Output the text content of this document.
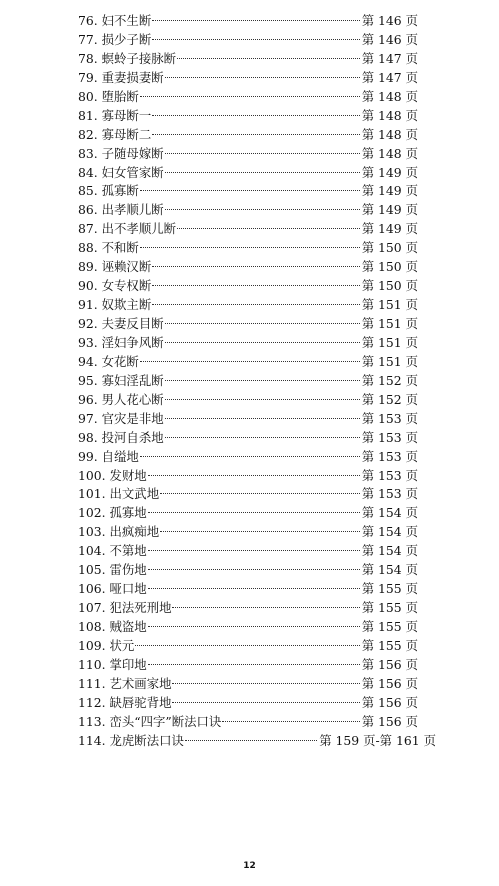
76. 妇不生断	第 146 页
77. 损少子断	第 146 页
78. 螟蛉子接脉断	第 147 页
79. 重妻损妻断	第 147 页
80. 堕胎断	第 148 页
81. 寡母断一	第 148 页
82. 寡母断二	第 148 页
83. 子随母嫁断	第 148 页
84. 妇女管家断	第 149 页
85. 孤寡断	第 149 页
86. 出孝顺儿断	第 149 页
87. 出不孝顺儿断	第 149 页
88. 不和断	第 150 页
89. 诬赖汉断	第 150 页
90. 女专权断	第 150 页
91. 奴欺主断	第 151 页
92. 夫妻反目断	第 151 页
93. 淫妇争风断	第 151 页
94. 女花断	第 151 页
95. 寡妇淫乱断	第 152 页
96. 男人花心断	第 152 页
97. 官灾是非地	第 153 页
98. 投河自杀地	第 153 页
99. 自缢地	第 153 页
100. 发财地	第 153 页
101. 出文武地	第 153 页
102. 孤寡地	第 154 页
103. 出疯痴地	第 154 页
104. 不第地	第 154 页
105. 雷伤地	第 154 页
106. 哑口地	第 155 页
107. 犯法死刑地	第 155 页
108. 贼盗地	第 155 页
109. 状元	第 155 页
110. 掌印地	第 156 页
111. 艺术画家地	第 156 页
112. 缺唇驼背地	第 156 页
113. 峦头“四字”断法口诀	第 156 页
114. 龙虎断法口诀	第 159 页-第 161 页
12
